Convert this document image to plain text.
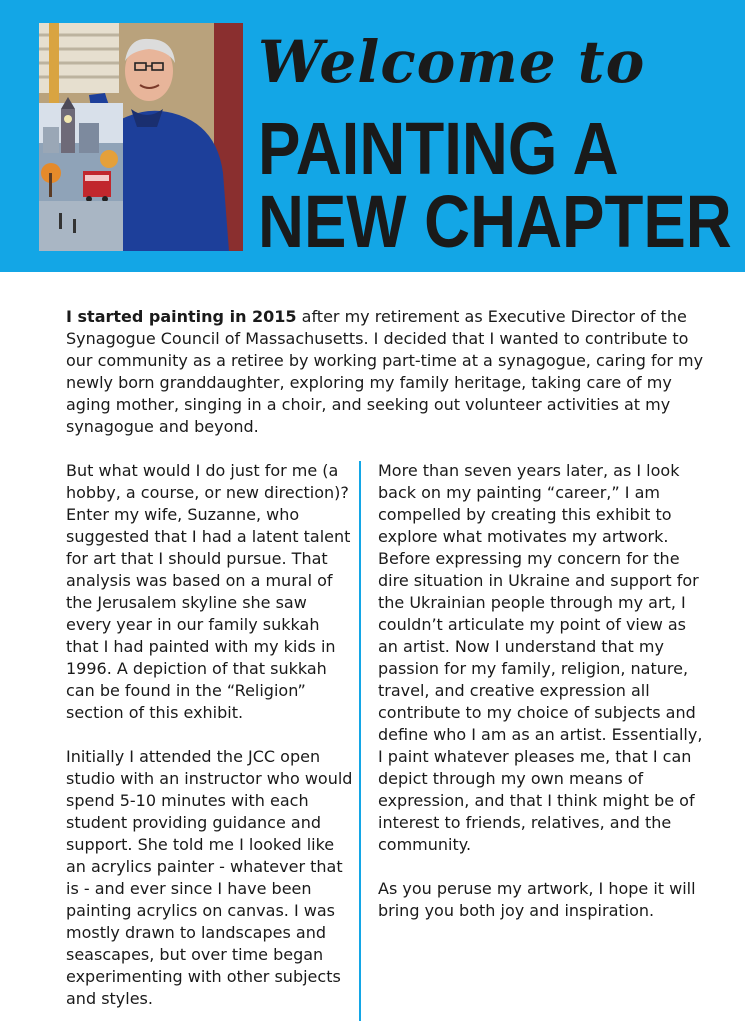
Welcome to
PAINTING A
NEW CHAPTER
I started painting in 2015 after my retirement as Executive Director of the Synagogue Council of Massachusetts. I decided that I wanted to contribute to our community as a retiree by working part-time at a synagogue, caring for my newly born granddaughter, exploring my family heritage, taking care of my aging mother, singing in a choir, and seeking out volunteer activities at my synagogue and beyond.

But what would I do just for me (a hobby, a course, or new direction)? Enter my wife, Suzanne, who suggested that I had a latent talent for art that I should pursue. That analysis was based on a mural of the Jerusalem skyline she saw every year in our family sukkah that I had painted with my kids in 1996. A depiction of that sukkah can be found in the “Religion” section of this exhibit.

Initially I attended the JCC open studio with an instructor who would spend 5-10 minutes with each student providing guidance and support. She told me I looked like an acrylics painter - whatever that is - and ever since I have been painting acrylics on canvas. I was mostly drawn to landscapes and seascapes, but over time began experimenting with other subjects and styles.

More than seven years later, as I look back on my painting “career,” I am compelled by creating this exhibit to explore what motivates my artwork. Before expressing my concern for the dire situation in Ukraine and support for the Ukrainian people through my art, I couldn’t articulate my point of view as an artist. Now I understand that my passion for my family, religion, nature, travel, and creative expression all contribute to my choice of subjects and define who I am as an artist. Essentially, I paint whatever pleases me, that I can depict through my own means of expression, and that I think might be of interest to friends, relatives, and the community.

As you peruse my artwork, I hope it will bring you both joy and inspiration.
